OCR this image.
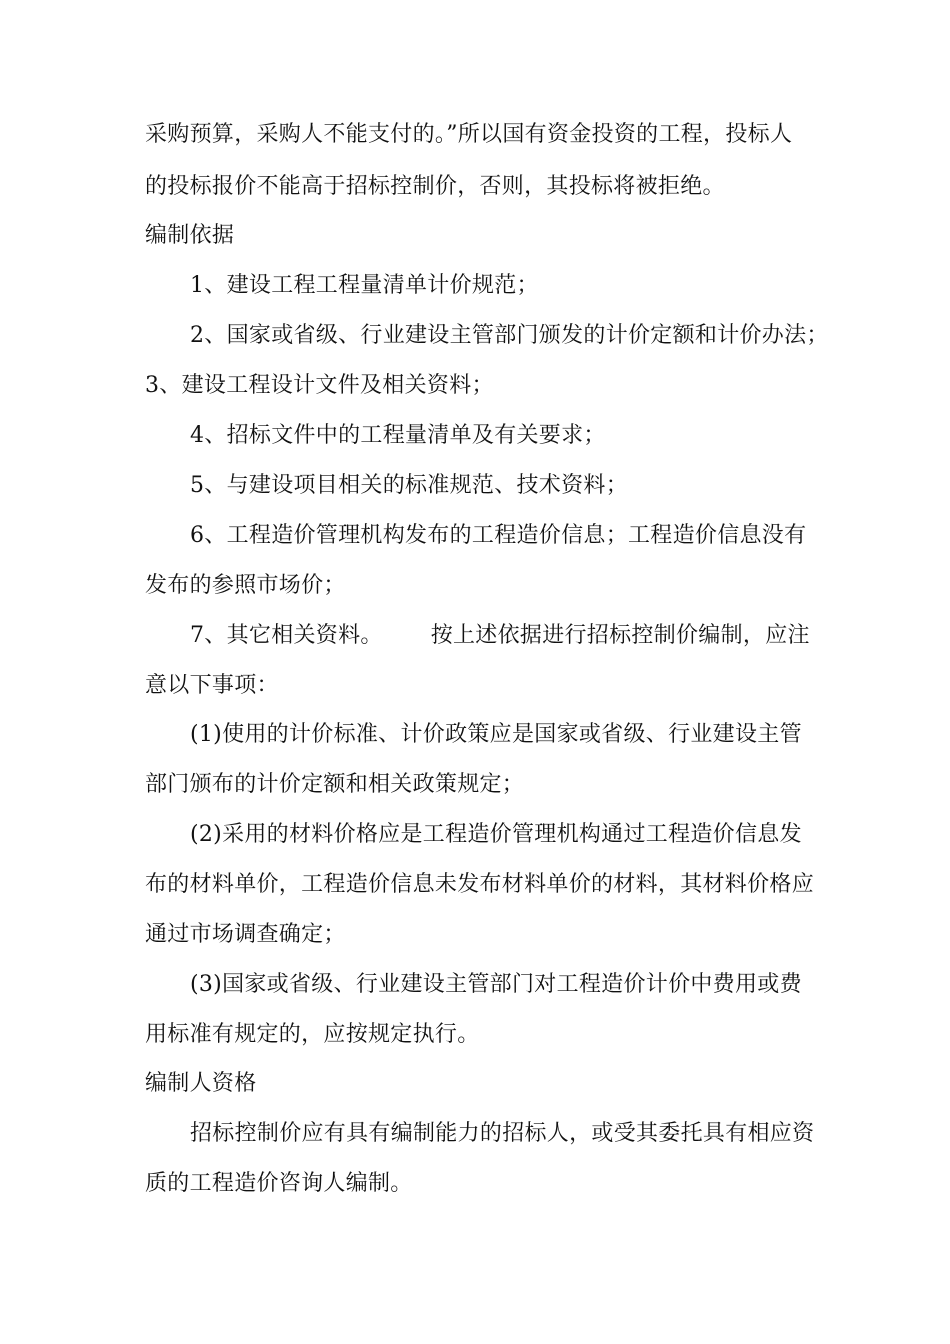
采购预算，采购人不能支付的。”所以国有资金投资的工程，投标人
的投标报价不能高于招标控制价，否则，其投标将被拒绝。
编制依据
1、建设工程工程量清单计价规范；
2、国家或省级、行业建设主管部门颁发的计价定额和计价办法；
3、建设工程设计文件及相关资料；
4、招标文件中的工程量清单及有关要求；
5、与建设项目相关的标准规范、技术资料；
6、工程造价管理机构发布的工程造价信息；工程造价信息没有
发布的参照市场价；
7、其它相关资料。 按上述依据进行招标控制价编制，应注
意以下事项：
(1)使用的计价标准、计价政策应是国家或省级、行业建设主管
部门颁布的计价定额和相关政策规定；
(2)采用的材料价格应是工程造价管理机构通过工程造价信息发
布的材料单价，工程造价信息未发布材料单价的材料，其材料价格应
通过市场调查确定；
(3)国家或省级、行业建设主管部门对工程造价计价中费用或费
用标准有规定的，应按规定执行。
编制人资格
招标控制价应有具有编制能力的招标人，或受其委托具有相应资
质的工程造价咨询人编制。
